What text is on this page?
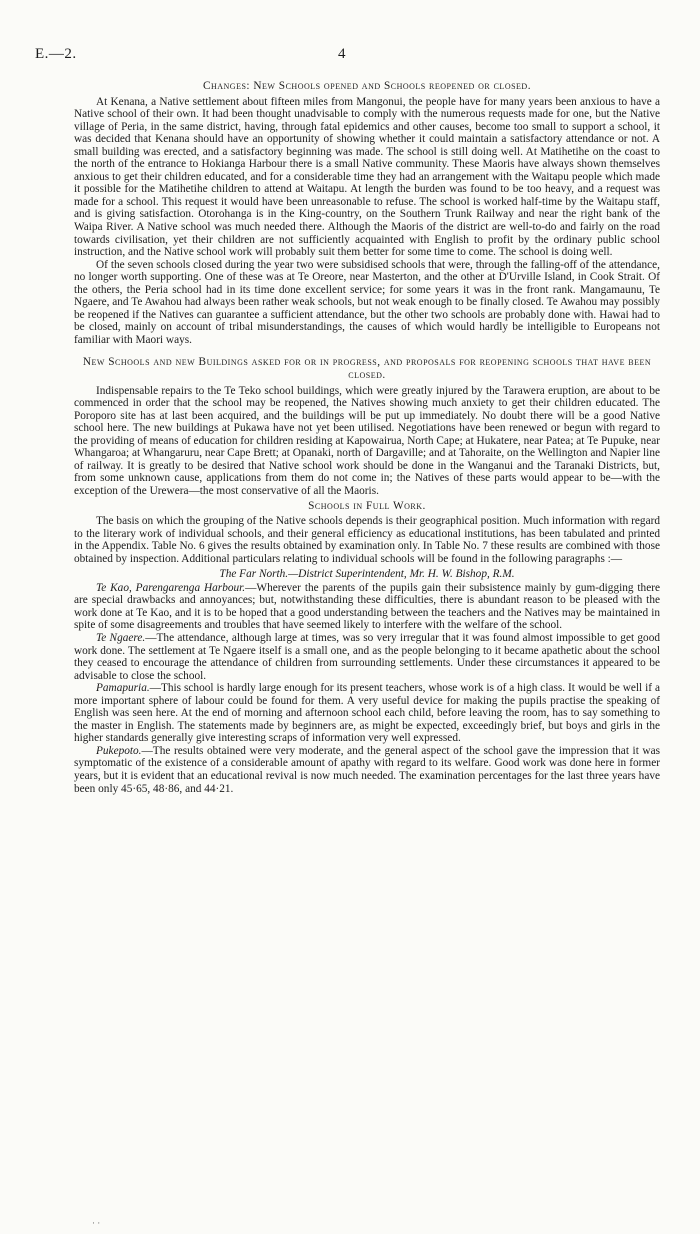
E.—2.	4
Changes: New Schools opened and Schools reopened or closed.

At Kenana, a Native settlement about fifteen miles from Mangonui, the people have for many years been anxious to have a Native school of their own. It had been thought unadvisable to comply with the numerous requests made for one, but the Native village of Peria, in the same district, having, through fatal epidemics and other causes, become too small to support a school, it was decided that Kenana should have an opportunity of showing whether it could maintain a satisfactory attendance or not. A small building was erected, and a satisfactory beginning was made. The school is still doing well. At Matihetihe on the coast to the north of the entrance to Hokianga Harbour there is a small Native community. These Maoris have always shown themselves anxious to get their children educated, and for a considerable time they had an arrangement with the Waitapu people which made it possible for the Matihetihe children to attend at Waitapu. At length the burden was found to be too heavy, and a request was made for a school. This request it would have been unreasonable to refuse. The school is worked half-time by the Waitapu staff, and is giving satisfaction. Otorohanga is in the King-country, on the Southern Trunk Railway and near the right bank of the Waipa River. A Native school was much needed there. Although the Maoris of the district are well-to-do and fairly on the road towards civilisation, yet their children are not sufficiently acquainted with English to profit by the ordinary public school instruction, and the Native school work will probably suit them better for some time to come. The school is doing well.

Of the seven schools closed during the year two were subsidised schools that were, through the falling-off of the attendance, no longer worth supporting. One of these was at Te Oreore, near Masterton, and the other at D'Urville Island, in Cook Strait. Of the others, the Peria school had in its time done excellent service; for some years it was in the front rank. Mangamaunu, Te Ngaere, and Te Awahou had always been rather weak schools, but not weak enough to be finally closed. Te Awahou may possibly be reopened if the Natives can guarantee a sufficient attendance, but the other two schools are probably done with. Hawai had to be closed, mainly on account of tribal misunderstandings, the causes of which would hardly be intelligible to Europeans not familiar with Maori ways.

New Schools and new Buildings asked for or in progress, and proposals for reopening schools that have been closed.

Indispensable repairs to the Te Teko school buildings, which were greatly injured by the Tarawera eruption, are about to be commenced in order that the school may be reopened, the Natives showing much anxiety to get their children educated. The Poroporo site has at last been acquired, and the buildings will be put up immediately. No doubt there will be a good Native school here. The new buildings at Pukawa have not yet been utilised. Negotiations have been renewed or begun with regard to the providing of means of education for children residing at Kapowairua, North Cape; at Hukatere, near Patea; at Te Pupuke, near Whangaroa; at Whangaruru, near Cape Brett; at Opanaki, north of Dargaville; and at Tahoraite, on the Wellington and Napier line of railway. It is greatly to be desired that Native school work should be done in the Wanganui and the Taranaki Districts, but, from some unknown cause, applications from them do not come in; the Natives of these parts would appear to be—with the exception of the Urewera—the most conservative of all the Maoris.

Schools in Full Work.

The basis on which the grouping of the Native schools depends is their geographical position. Much information with regard to the literary work of individual schools, and their general efficiency as educational institutions, has been tabulated and printed in the Appendix. Table No. 6 gives the results obtained by examination only. In Table No. 7 these results are combined with those obtained by inspection. Additional particulars relating to individual schools will be found in the following paragraphs :—

The Far North.—District Superintendent, Mr. H. W. Bishop, R.M.

Te Kao, Parengarenga Harbour.—Wherever the parents of the pupils gain their subsistence mainly by gum-digging there are special drawbacks and annoyances; but, notwithstanding these difficulties, there is abundant reason to be pleased with the work done at Te Kao, and it is to be hoped that a good understanding between the teachers and the Natives may be maintained in spite of some disagreements and troubles that have seemed likely to interfere with the welfare of the school.

Te Ngaere.—The attendance, although large at times, was so very irregular that it was found almost impossible to get good work done. The settlement at Te Ngaere itself is a small one, and as the people belonging to it became apathetic about the school they ceased to encourage the attendance of children from surrounding settlements. Under these circumstances it appeared to be advisable to close the school.

Pamapuria.—This school is hardly large enough for its present teachers, whose work is of a high class. It would be well if a more important sphere of labour could be found for them. A very useful device for making the pupils practise the speaking of English was seen here. At the end of morning and afternoon school each child, before leaving the room, has to say something to the master in English. The statements made by beginners are, as might be expected, exceedingly brief, but boys and girls in the higher standards generally give interesting scraps of information very well expressed.

Pukepoto.—The results obtained were very moderate, and the general aspect of the school gave the impression that it was symptomatic of the existence of a considerable amount of apathy with regard to its welfare. Good work was done here in former years, but it is evident that an educational revival is now much needed. The examination percentages for the last three years have been only 45·65, 48·86, and 44·21.

· ·
